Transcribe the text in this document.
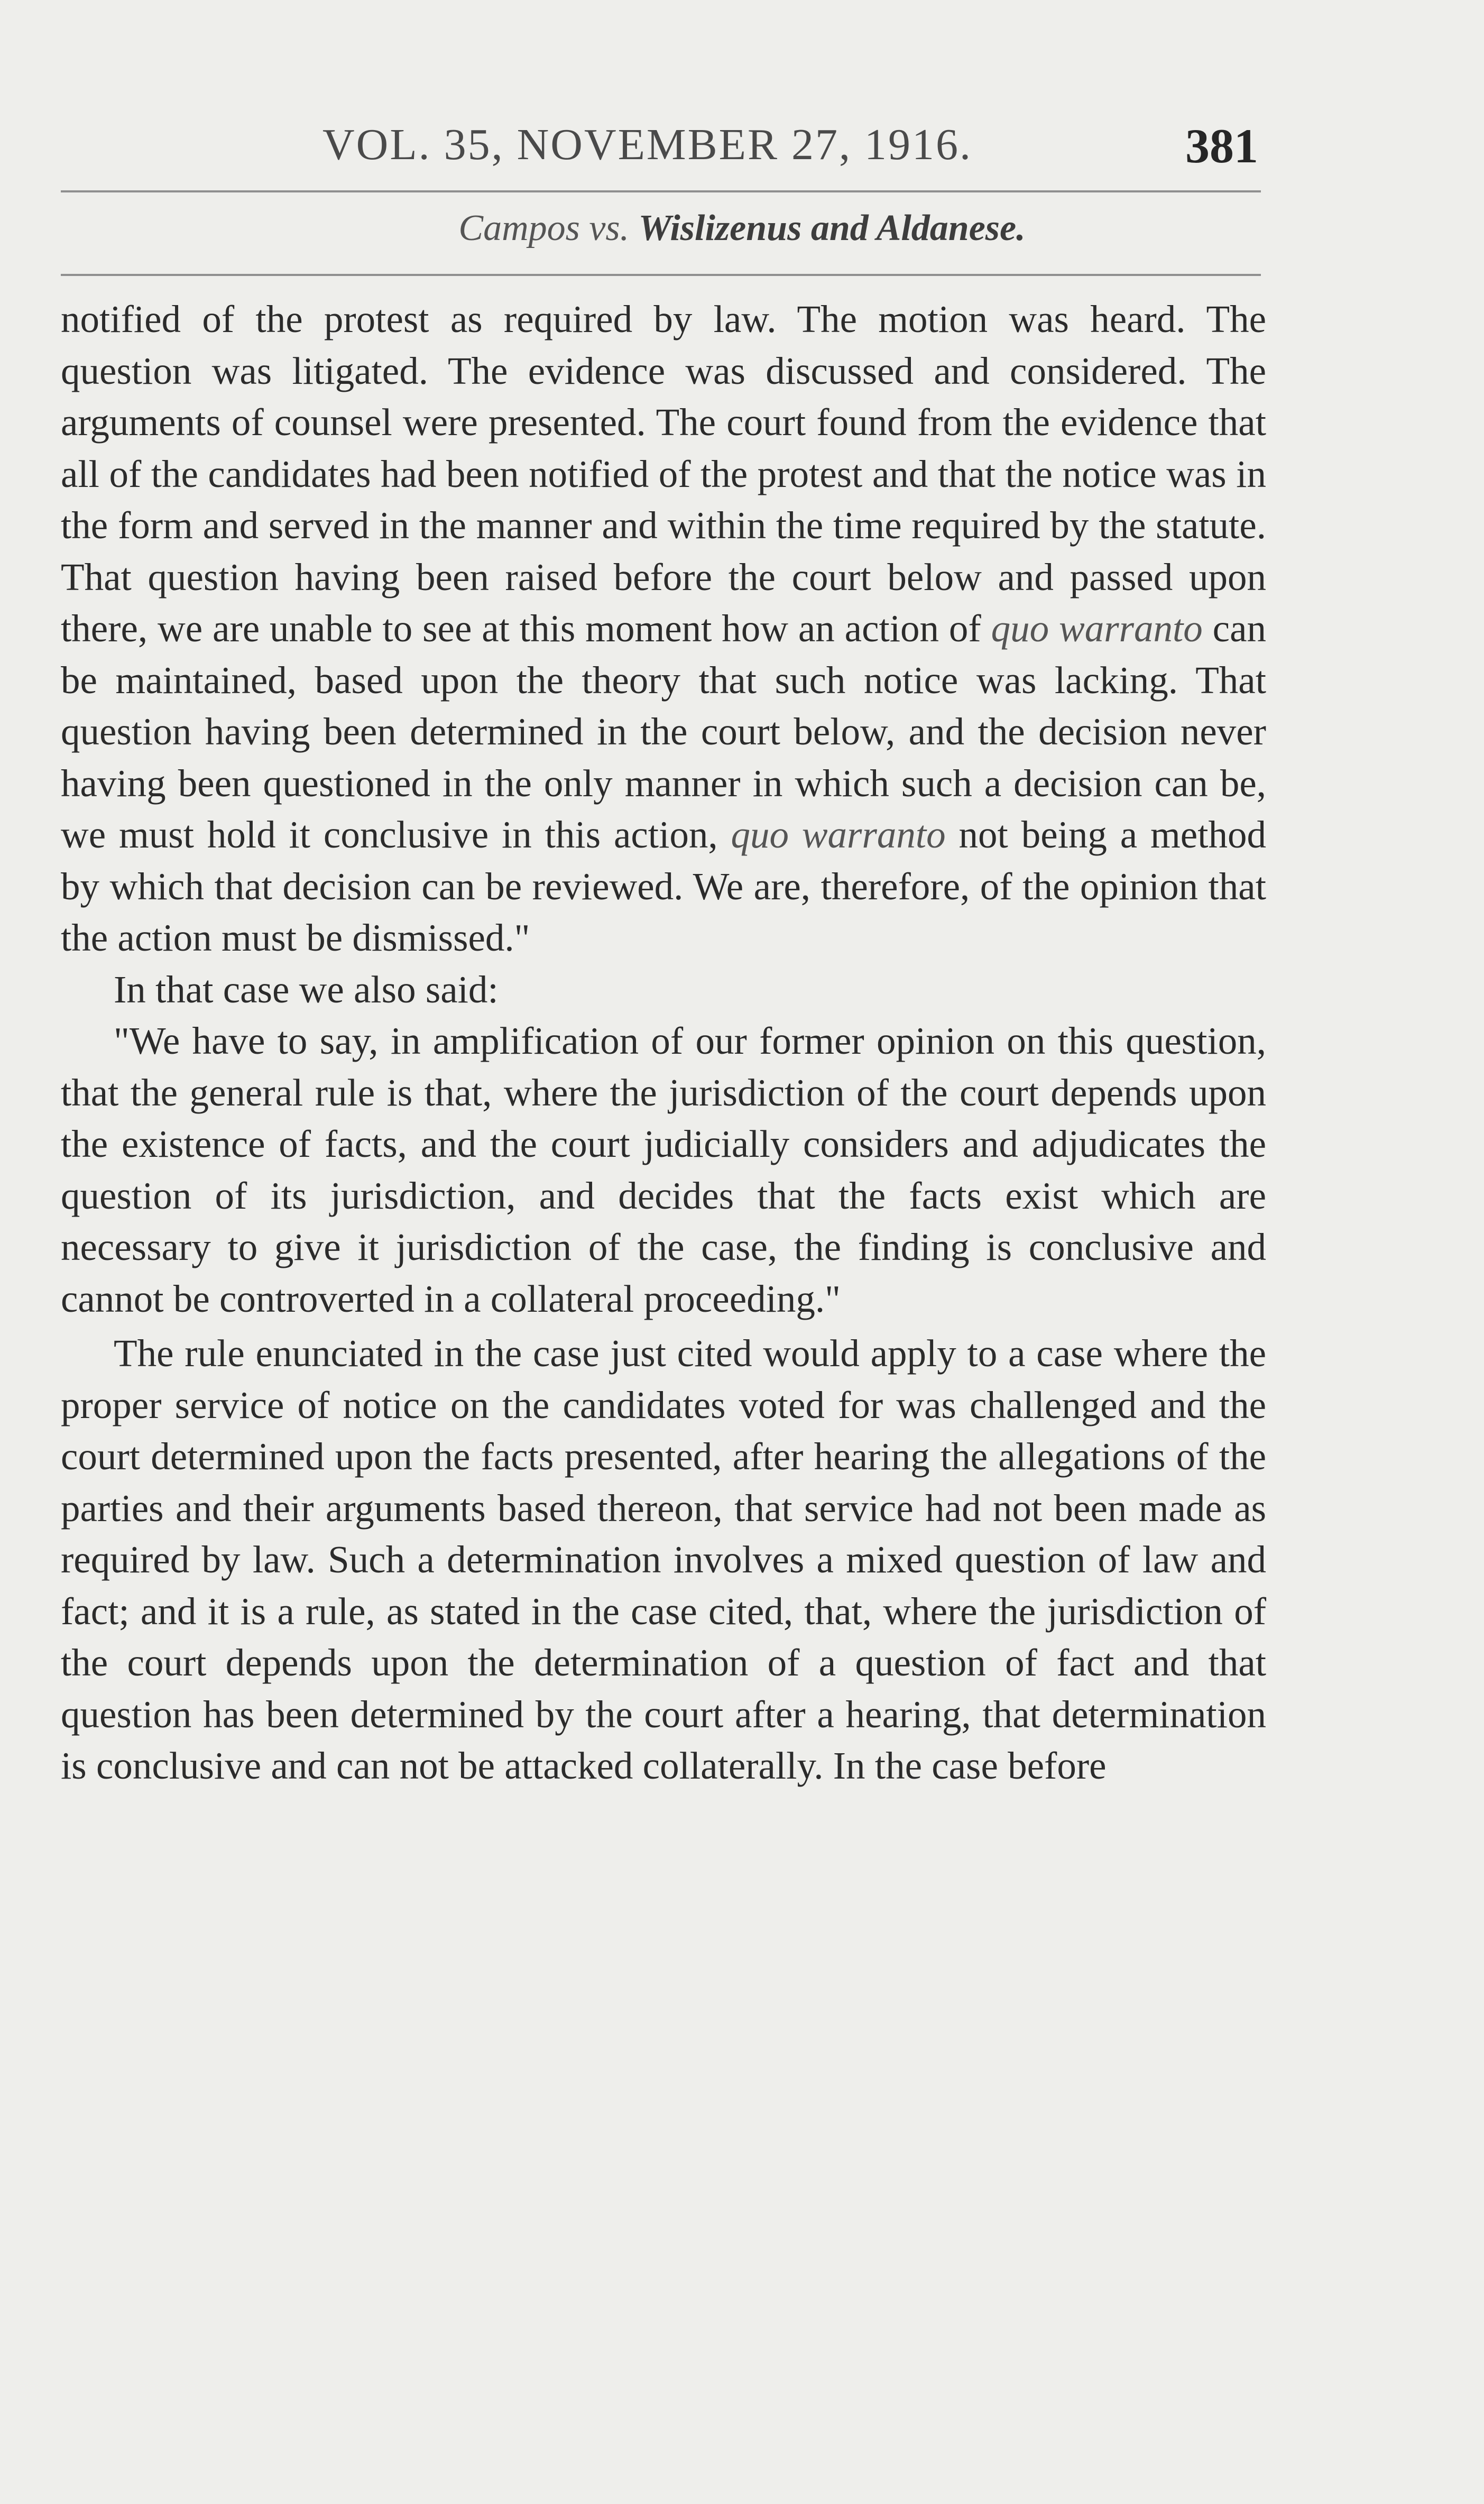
VOL. 35, NOVEMBER 27, 1916.	381
Campos vs. Wislizenus and Aldanese.

notified of the protest as required by law. The motion was heard. The question was litigated. The evidence was discussed and considered. The arguments of counsel were presented. The court found from the evidence that all of the candidates had been notified of the protest and that the notice was in the form and served in the manner and within the time required by the statute. That question having been raised before the court below and passed upon there, we are unable to see at this moment how an action of quo warranto can be maintained, based upon the theory that such notice was lacking. That question having been determined in the court below, and the decision never having been questioned in the only manner in which such a decision can be, we must hold it conclusive in this action, quo warranto not being a method by which that decision can be reviewed. We are, therefore, of the opinion that the action must be dismissed."

In that case we also said:

"We have to say, in amplification of our former opinion on this question, that the general rule is that, where the jurisdiction of the court depends upon the existence of facts, and the court judicially considers and adjudicates the question of its jurisdiction, and decides that the facts exist which are necessary to give it jurisdiction of the case, the finding is conclusive and cannot be controverted in a collateral proceeding."

The rule enunciated in the case just cited would apply to a case where the proper service of notice on the candidates voted for was challenged and the court determined upon the facts presented, after hearing the allegations of the parties and their arguments based thereon, that service had not been made as required by law. Such a determination involves a mixed question of law and fact; and it is a rule, as stated in the case cited, that, where the jurisdiction of the court depends upon the determination of a question of fact and that question has been determined by the court after a hearing, that determination is conclusive and can not be attacked collaterally. In the case before
